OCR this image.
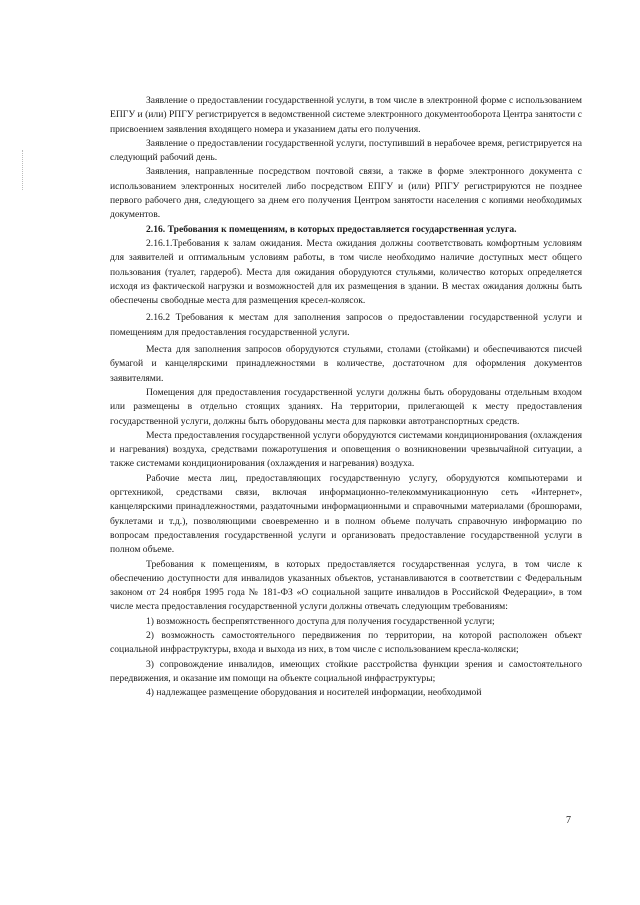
Заявление о предоставлении государственной услуги, в том числе в электронной форме с использованием ЕПГУ и (или) РПГУ регистрируется в ведомственной системе электронного документооборота Центра занятости с присвоением заявления входящего номера и указанием даты его получения.

Заявление о предоставлении государственной услуги, поступивший в нерабочее время, регистрируется на следующий рабочий день.

Заявления, направленные посредством почтовой связи, а также в форме электронного документа с использованием электронных носителей либо посредством ЕПГУ и (или) РПГУ регистрируются не позднее первого рабочего дня, следующего за днем его получения Центром занятости населения с копиями необходимых документов.

2.16. Требования к помещениям, в которых предоставляется государственная услуга.

2.16.1.Требования к залам ожидания. Места ожидания должны соответствовать комфортным условиям для заявителей и оптимальным условиям работы, в том числе необходимо наличие доступных мест общего пользования (туалет, гардероб). Места для ожидания оборудуются стульями, количество которых определяется исходя из фактической нагрузки и возможностей для их размещения в здании. В местах ожидания должны быть обеспечены свободные места для размещения кресел-колясок.

2.16.2 Требования к местам для заполнения запросов о предоставлении государственной услуги и помещениям для предоставления государственной услуги.

Места для заполнения запросов оборудуются стульями, столами (стойками) и обеспечиваются писчей бумагой и канцелярскими принадлежностями в количестве, достаточном для оформления документов заявителями.

Помещения для предоставления государственной услуги должны быть оборудованы отдельным входом или размещены в отдельно стоящих зданиях. На территории, прилегающей к месту предоставления государственной услуги, должны быть оборудованы места для парковки автотранспортных средств.

Места предоставления государственной услуги оборудуются системами кондиционирования (охлаждения и нагревания) воздуха, средствами пожаротушения и оповещения о возникновении чрезвычайной ситуации, а также системами кондиционирования (охлаждения и нагревания) воздуха.

Рабочие места лиц, предоставляющих государственную услугу, оборудуются компьютерами и оргтехникой, средствами связи, включая информационно-телекоммуникационную сеть «Интернет», канцелярскими принадлежностями, раздаточными информационными и справочными материалами (брошюрами, буклетами и т.д.), позволяющими своевременно и в полном объеме получать справочную информацию по вопросам предоставления государственной услуги и организовать предоставление государственной услуги в полном объеме.

Требования к помещениям, в которых предоставляется государственная услуга, в том числе к обеспечению доступности для инвалидов указанных объектов, устанавливаются в соответствии с Федеральным законом от 24 ноября 1995 года № 181-ФЗ «О социальной защите инвалидов в Российской Федерации», в том числе места предоставления государственной услуги должны отвечать следующим требованиям:

1) возможность беспрепятственного доступа для получения государственной услуги;

2) возможность самостоятельного передвижения по территории, на которой расположен объект социальной инфраструктуры, входа и выхода из них, в том числе с использованием кресла-коляски;

3) сопровождение инвалидов, имеющих стойкие расстройства функции зрения и самостоятельного передвижения, и оказание им помощи на объекте социальной инфраструктуры;

4) надлежащее размещение оборудования и носителей информации, необходимой

7
